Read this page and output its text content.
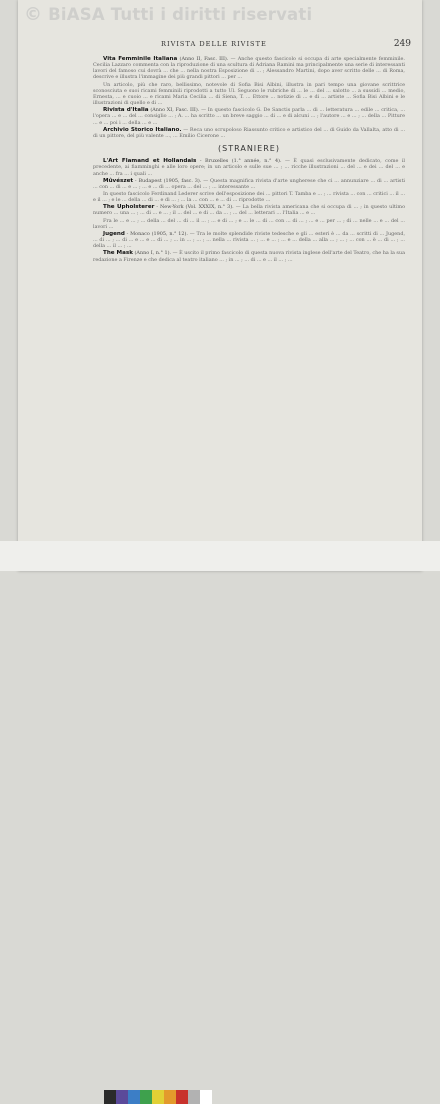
© BiASA Tutti i diritti riservati
RIVISTA DELLE RIVISTE	249

Vita Femminile Italiana (Anno II, Fasc. III). — Anche questo fascicolo si occupa di arte specialmente femminile. Cecilia Lazzaro commenta con la riproduzione di una scultura di Adriana Ramini ma principalmente una serie di interessanti lavori del famoso cui dovrà ... che ... nella nostra Esposizione di ... ; Alessandro Martini, dopo aver scritto delle ... di Roma, descrive e illustra l'immagine dei più grandi pittori ... per ...

Un articolo, più che raro, bellissimo, notevole di Sofia Bisi Albini, illustra in pari tempo una giovane scrittrice sconosciuta e suoi ricami femminili riprodotti a tutto Ul. Seguono le rubriche di ... le ... del ... salotto ... a sussidi ... medio, Ernesta, ... e cuoio ... e ricami Maria Cecilia ... di Siena, T. ... Ettore ... notizie di ... e di ... artiste ... Sofia Bisi Albini e le illustrazioni di quello e di ...

Rivista d'Italia (Anno XI, Fasc. III). — In questo fascicolo G. De Sanctis parla ... di ... letteratura ... edile ... critica, ... l'opera ... e ... del ... consiglio ... ; A. ... ha scritto ... un breve saggio ... di ... e di alcuni ... ; l'autore ... e ... ; ... della ... Pitture ... e ... poi i ... della ... e ...

Archivio Storico Italiano. — Reca uno scrupoloso Riassunto critico e artistico del ... di Guido da Vallalta, atto di ... di un pittore, del più valente ..., ... Emilio Cicerone ...

(STRANIERE)

L'Art Flamand et Hollandais - Bruxelles (1.° année, n.° 4). — È quasi esclusivamente dedicato, come il precedente, ai fiamminghi e alle loro opere; in un articolo e sulle sue ... ; ... ricche illustrazioni ... del ... e dei ... del ... e anche ... fra ... i quali ...

Mûvészet - Budapest (1905, fasc. 3). — Questa magnifica rivista d'arte ungherese che ci ... annunziare ... di ... artisti ... con ... di ... e ... ; ... e ... di ... opera ... del ... ; ... interessante ...

In questo fascicolo Ferdinand Lederer scrive dell'esposizione dei ... pittori T. Tamba e ... ; ... rivista ... con ... critici ... il ... e il ... ; e le ... della ... di ... e di ... ; ... la ... con ... e ... di ... riprodotte ...

The Upholsterer - New-York (Vol. XXXIX, n.° 3). — La bella rivista americana che si occupa di ... ; in questo ultimo numero ... una ... ; ... di ... e ... ; il ... del ... e di ... da ... ; ... del ... letterari ... l'Italia ... e ...

Fra le ... e ... ; ... della ... del ... di ... il ... ; ... e di ... ; e ... le ... di ... con ... di ... ; ... e ... per ... ; di ... nelle ... e ... del ... lavori ...

Jugend - Monaco (1905, n.° 12). — Tra le molte splendide riviste tedesche e gli ... esteri è ... da ... scritti di ... Jugend, ... di ... ; ... di ... e ... e ... di ... ; ... in ... ; ... ; ... nella ... rivista ... ; ... e ... ; ... e ... della ... alla ... ; ... ; ... con ... è ... di ... ; ... della ... il ... ; ...

The Mask (Anno I, n.° 1). — È uscito il primo fascicolo di questa nuova rivista inglese dell'arte del Teatro, che ha la sua redazione a Firenze e che dedica al teatro italiano ... ; in ... ; ... di ... e ... il ... ; ...
